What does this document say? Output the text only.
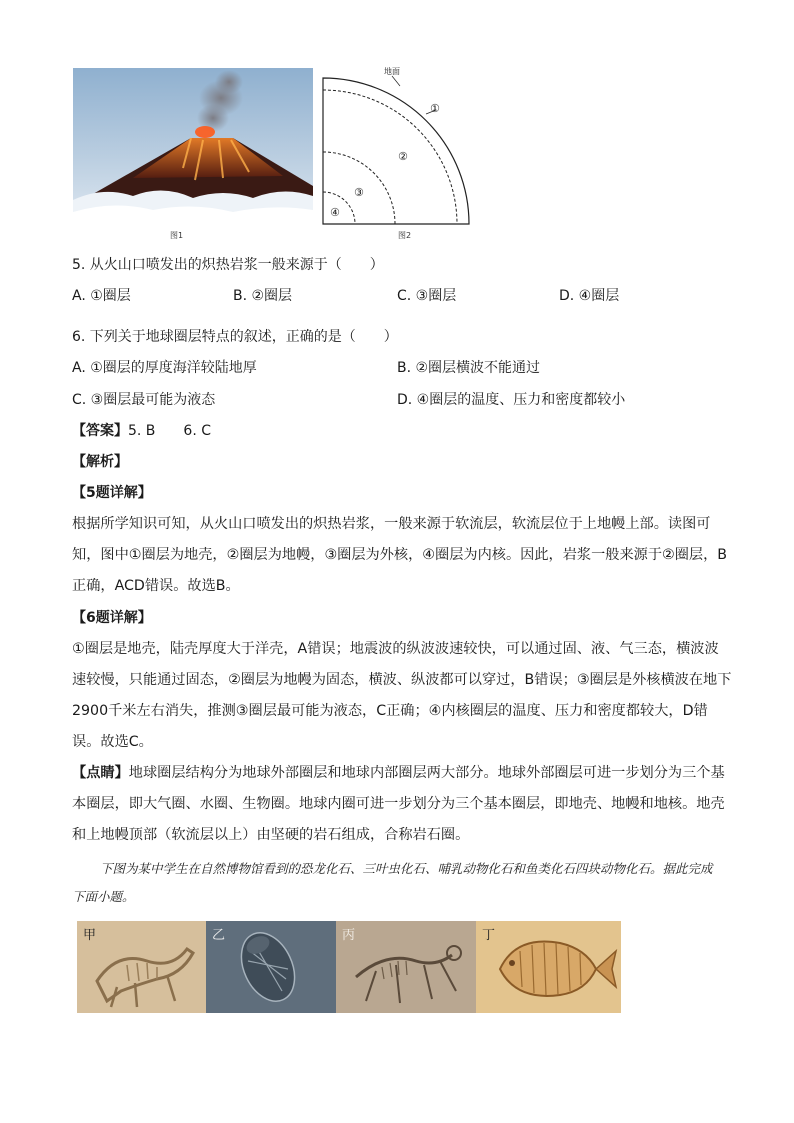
图1
地面
①
②
③
④
图2
5. 从火山口喷发出的炽热岩浆一般来源于（　　）
A. ①圈层	B. ②圈层	C. ③圈层	D. ④圈层
6. 下列关于地球圈层特点的叙述，正确的是（　　）
A. ①圈层的厚度海洋较陆地厚	B. ②圈层横波不能通过
C. ③圈层最可能为液态	D. ④圈层的温度、压力和密度都较小
【答案】5. B　　6. C
【解析】
【5题详解】
根据所学知识可知，从火山口喷发出的炽热岩浆，一般来源于软流层，软流层位于上地幔上部。读图可知，图中①圈层为地壳，②圈层为地幔，③圈层为外核，④圈层为内核。因此，岩浆一般来源于②圈层，B正确，ACD错误。故选B。
【6题详解】
①圈层是地壳，陆壳厚度大于洋壳，A错误；地震波的纵波波速较快，可以通过固、液、气三态，横波波速较慢，只能通过固态，②圈层为地幔为固态，横波、纵波都可以穿过，B错误；③圈层是外核横波在地下2900千米左右消失，推测③圈层最可能为液态，C正确；④内核圈层的温度、压力和密度都较大，D错误。故选C。
【点睛】地球圈层结构分为地球外部圈层和地球内部圈层两大部分。地球外部圈层可进一步划分为三个基本圈层，即大气圈、水圈、生物圈。地球内圈可进一步划分为三个基本圈层，即地壳、地幔和地核。地壳和上地幔顶部（软流层以上）由坚硬的岩石组成，合称岩石圈。
下图为某中学生在自然博物馆看到的恐龙化石、三叶虫化石、哺乳动物化石和鱼类化石四块动物化石。据此完成下面小题。
甲	乙	丙	丁
